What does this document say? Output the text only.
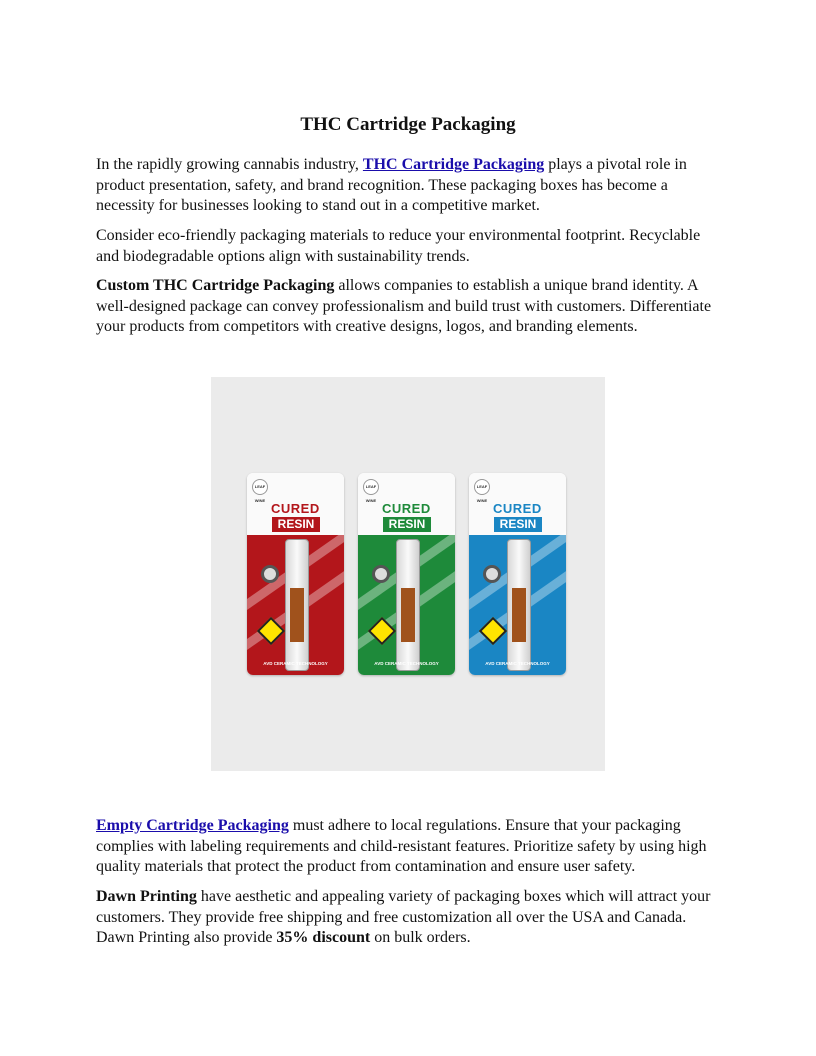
THC Cartridge Packaging

In the rapidly growing cannabis industry, THC Cartridge Packaging plays a pivotal role in product presentation, safety, and brand recognition. These packaging boxes has become a necessity for businesses looking to stand out in a competitive market.

Consider eco-friendly packaging materials to reduce your environmental footprint. Recyclable and biodegradable options align with sustainability trends.

Custom THC Cartridge Packaging allows companies to establish a unique brand identity. A well-designed package can convey professionalism and build trust with customers. Differentiate your products from competitors with creative designs, logos, and branding elements.

LEAF WINE
CURED
RESIN
AVD CERAMIC TECHNOLOGY
LEAF WINE
CURED
RESIN
AVD CERAMIC TECHNOLOGY
LEAF WINE
CURED
RESIN
AVD CERAMIC TECHNOLOGY

Empty Cartridge Packaging must adhere to local regulations. Ensure that your packaging complies with labeling requirements and child-resistant features. Prioritize safety by using high quality materials that protect the product from contamination and ensure user safety.

Dawn Printing have aesthetic and appealing variety of packaging boxes which will attract your customers. They provide free shipping and free customization all over the USA and Canada. Dawn Printing also provide 35% discount on bulk orders.
